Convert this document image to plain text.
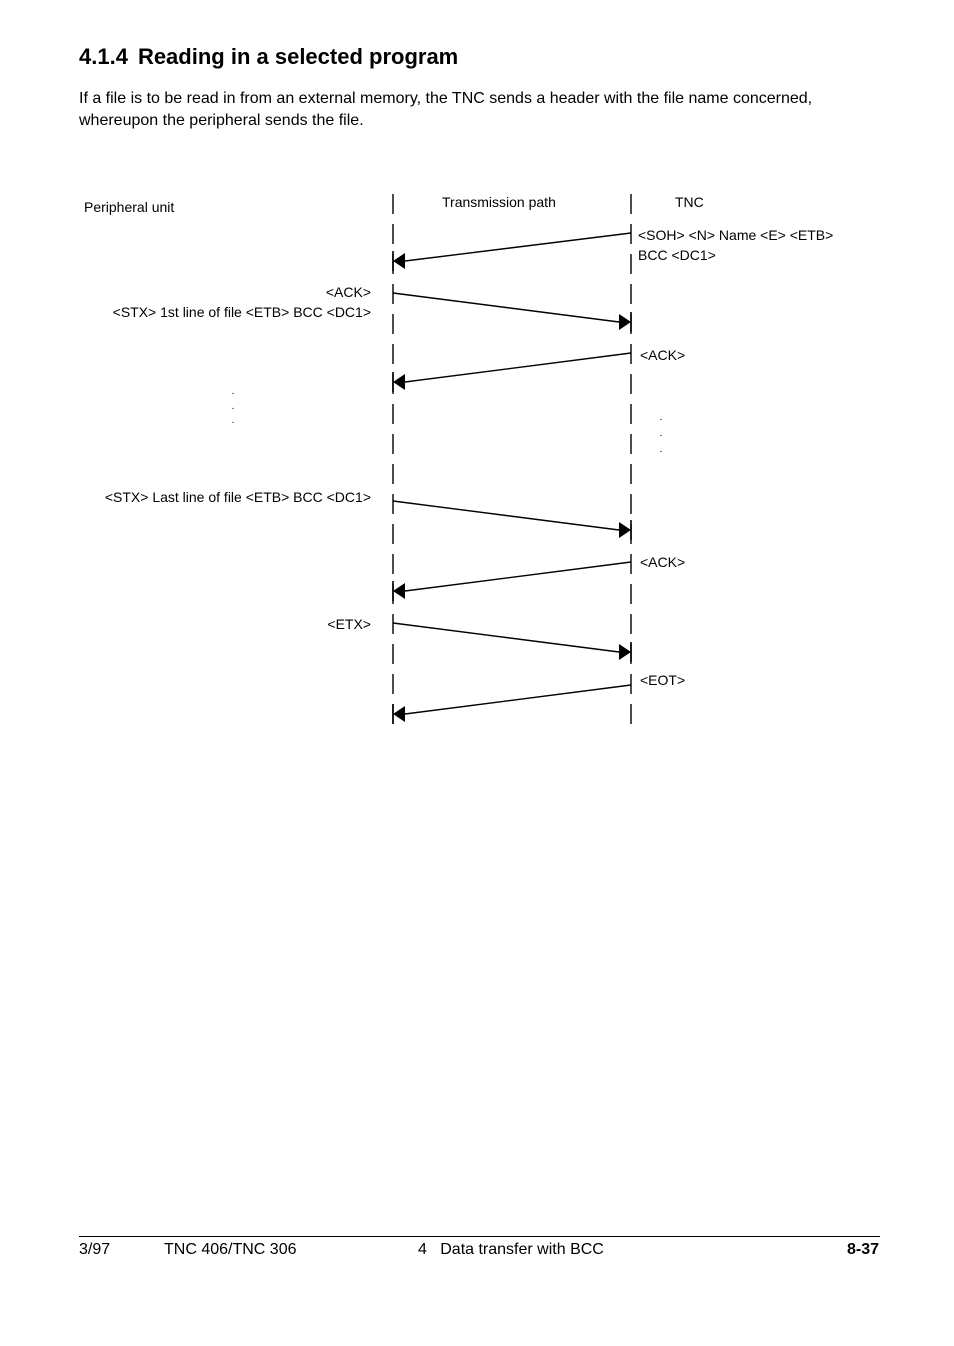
4.1.4 Reading in a selected program

If a file is to be read in from an external memory, the TNC sends a header with the file name concerned, whereupon the peripheral sends the file.

Peripheral unit	Transmission path	TNC
<SOH> <N> Name <E> <ETB>
BCC <DC1>
<ACK>
<STX> 1st line of file <ETB> BCC <DC1>
<ACK>
.
.
.	.
.
.
<STX> Last line of file <ETB> BCC <DC1>
<ACK>
<ETX>
<EOT>
3/97	TNC 406/TNC 306	4   Data transfer with BCC	8-37
